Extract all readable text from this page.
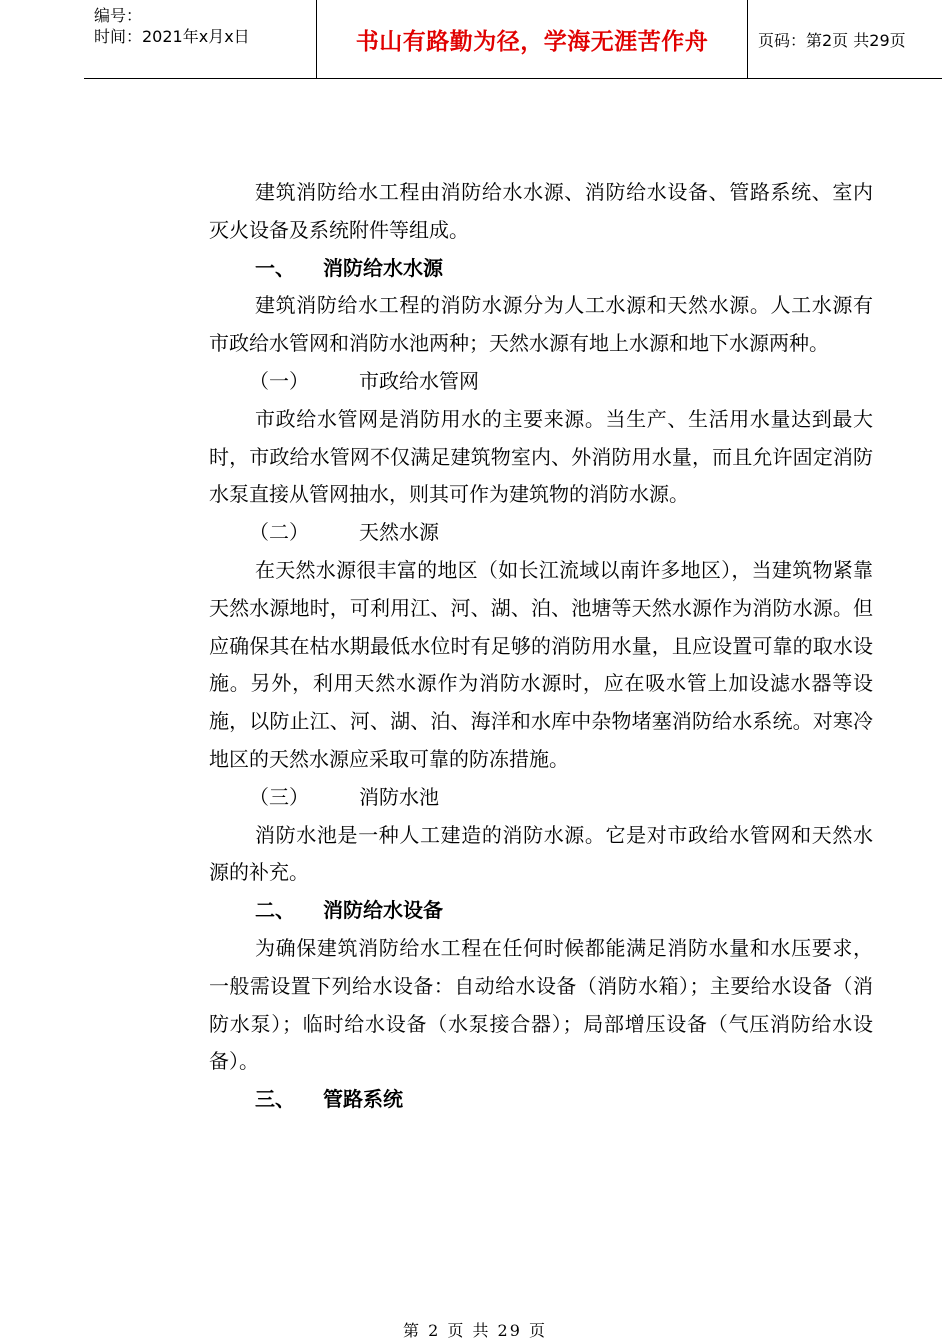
编号：
时间：2021年x月x日	书山有路勤为径，学海无涯苦作舟	页码：第2页 共29页

建筑消防给水工程由消防给水水源、消防给水设备、管路系统、室内灭火设备及系统附件等组成。

一、 消防给水水源

建筑消防给水工程的消防水源分为人工水源和天然水源。人工水源有市政给水管网和消防水池两种；天然水源有地上水源和地下水源两种。

（一）	市政给水管网

市政给水管网是消防用水的主要来源。当生产、生活用水量达到最大时，市政给水管网不仅满足建筑物室内、外消防用水量，而且允许固定消防水泵直接从管网抽水，则其可作为建筑物的消防水源。

（二）	天然水源

在天然水源很丰富的地区（如长江流域以南许多地区），当建筑物紧靠天然水源地时，可利用江、河、湖、泊、池塘等天然水源作为消防水源。但应确保其在枯水期最低水位时有足够的消防用水量，且应设置可靠的取水设施。另外，利用天然水源作为消防水源时，应在吸水管上加设滤水器等设施，以防止江、河、湖、泊、海洋和水库中杂物堵塞消防给水系统。对寒冷地区的天然水源应采取可靠的防冻措施。

（三）	消防水池

消防水池是一种人工建造的消防水源。它是对市政给水管网和天然水源的补充。

二、 消防给水设备

为确保建筑消防给水工程在任何时候都能满足消防水量和水压要求，一般需设置下列给水设备：自动给水设备（消防水箱）；主要给水设备（消防水泵）；临时给水设备（水泵接合器）；局部增压设备（气压消防给水设备）。

三、 管路系统

第 2 页 共 29 页
